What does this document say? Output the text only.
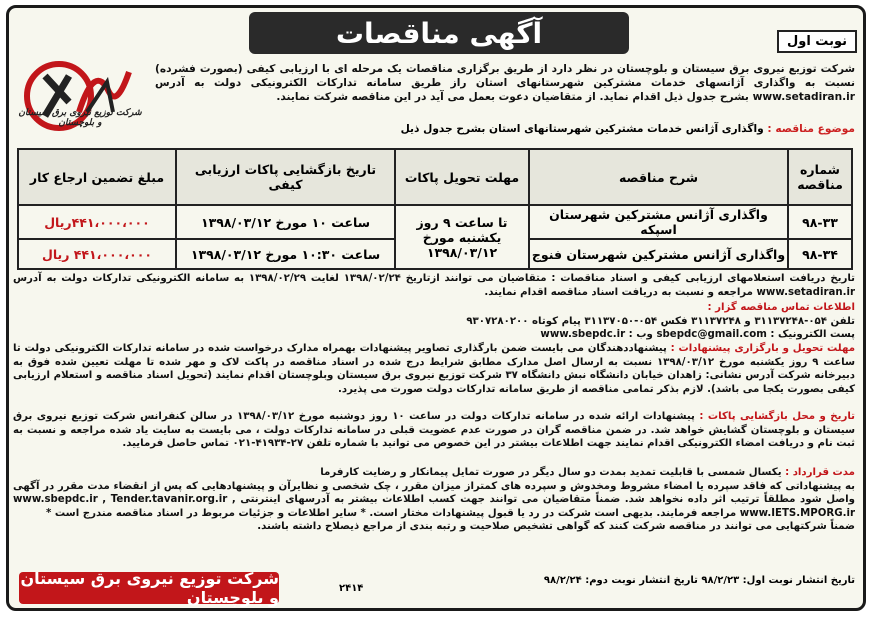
آگهی مناقصات	نوبت اول
شرکت توزیع نیروی برق سیستان و بلوچستان
شرکت توزیع نیروی برق سیستان و بلوچستان در نظر دارد از طریق برگزاری مناقصات یک مرحله ای با ارزیابی کیفی (بصورت فشرده) نسبت به واگذاری آژانسهای خدمات مشترکین شهرستانهای استان راز طریق سامانه تدارکات الکترونیکی دولت به آدرس www.setadiran.ir بشرح جدول ذیل اقدام نماید. از متقاضیان دعوت بعمل می آید در این مناقصه شرکت نمایند.
موضوع مناقصه : واگذاری آژانس خدمات مشترکین شهرستانهای استان بشرح جدول ذیل
شماره مناقصه	شرح مناقصه	مهلت تحویل پاکات	تاریخ بازگشایی پاکات ارزیابی کیفی	مبلغ تضمین ارجاع کار
۹۸-۳۳	واگذاری آژانس مشترکین شهرستان اسپکه	تا ساعت ۹ روز یکشنبه مورخ ۱۳۹۸/۰۳/۱۲	ساعت ۱۰ مورخ ۱۳۹۸/۰۳/۱۲	۴۴۱،۰۰۰،۰۰۰ریال
۹۸-۳۴	واگذاری آژانس مشترکین شهرستان فنوج		ساعت ۱۰:۳۰ مورخ ۱۳۹۸/۰۳/۱۲	۴۴۱،۰۰۰،۰۰۰ ریال
تاریخ دریافت استعلامهای ارزیابی کیفی و اسناد مناقصات : متقاضیان می توانند ازتاریخ ۱۳۹۸/۰۲/۲۴ لغایت ۱۳۹۸/۰۲/۲۹ به سامانه الکترونیکی تدارکات دولت به آدرس www.setadiran.ir مراجعه و نسبت به دریافت اسناد مناقصه اقدام نمایند.
اطلاعات تماس مناقصه گزار :
تلفن ۰۵۴-۳۱۱۳۷۲۴۸ و ۳۱۱۳۷۲۴۸ فکس ۰۵۴-۳۱۱۳۷۰۵۰ پیام کوتاه ۹۳۰۷۲۸۰۲۰۰
پست الکترونیک : sbepdc@gmail.com وب : www.sbepdc.ir
مهلت تحویل و بارگزاری پیشنهادات : پیشنهاددهندگان می بایست ضمن بارگذاری تصاویر پیشنهادات بهمراه مدارک درخواست شده در سامانه تدارکات الکترونیکی دولت تا ساعت ۹ روز یکشنبه مورخ ۱۳۹۸/۰۳/۱۲ نسبت به ارسال اصل مدارک مطابق شرایط درج شده در اسناد مناقصه در پاکت لاک و مهر شده تا مهلت تعیین شده فوق به دبیرخانه شرکت آدرس نشانی: زاهدان خیابان دانشگاه نبش دانشگاه ۳۷ شرکت توزیع نیروی برق سیستان وبلوچستان اقدام نمایند (تحویل اسناد مناقصه و استعلام ارزیابی کیفی بصورت یکجا می باشد). لازم بذکر تمامی مناقصه از طریق سامانه تدارکات دولت صورت می پذیرد.
تاریخ و محل بازگشایی پاکات : پیشنهادات ارائه شده در سامانه تدارکات دولت در ساعت ۱۰ روز دوشنبه مورخ ۱۳۹۸/۰۳/۱۲ در سالن کنفرانس شرکت توزیع نیروی برق سیستان و بلوچستان گشایش خواهد شد. در ضمن مناقصه گران در صورت عدم عضویت قبلی در سامانه تدارکات دولت ، می بایست به سایت یاد شده مراجعه و نسبت به ثبت نام و دریافت امضاء الکترونیکی اقدام نمایند جهت اطلاعات بیشتر در این خصوص می توانید با شماره تلفن ۲۷-۴۱۹۳۴-۰۲۱ تماس حاصل فرمایید.
مدت قرارداد : یکسال شمسی با قابلیت تمدید بمدت دو سال دیگر در صورت تمایل پیمانکار و رضایت کارفرما
به پیشنهاداتی که فاقد سپرده یا امضاء مشروط ومخدوش و سپرده های کمتراز میزان مقرر ، چک شخصی و نظایرآن و پیشنهادهایی که پس از انقضاء مدت مقرر در آگهی واصل شود مطلقاً ترتیب اثر داده نخواهد شد. ضمناً متقاضیان می توانند جهت کسب اطلاعات بیشتر به آدرسهای اینترنتی www.sbepdc.ir , Tender.tavanir.org.ir , www.IETS.MPORG.ir مراجعه فرمایند. بدیهی است شرکت در رد یا قبول پیشنهادات مختار است. * سایر اطلاعات و جزئیات مربوط در اسناد مناقصه مندرج است *
ضمناً شرکتهایی می توانند در مناقصه شرکت کنند که گواهی تشخیص صلاحیت و رتبه بندی از مراجع ذیصلاح داشته باشند.
تاریخ انتشار نوبت اول: ۹۸/۲/۲۳ تاریخ انتشار نوبت دوم: ۹۸/۲/۲۴
۲۴۱۴
شرکت توزیع نیروی برق سیستان و بلوچستان
